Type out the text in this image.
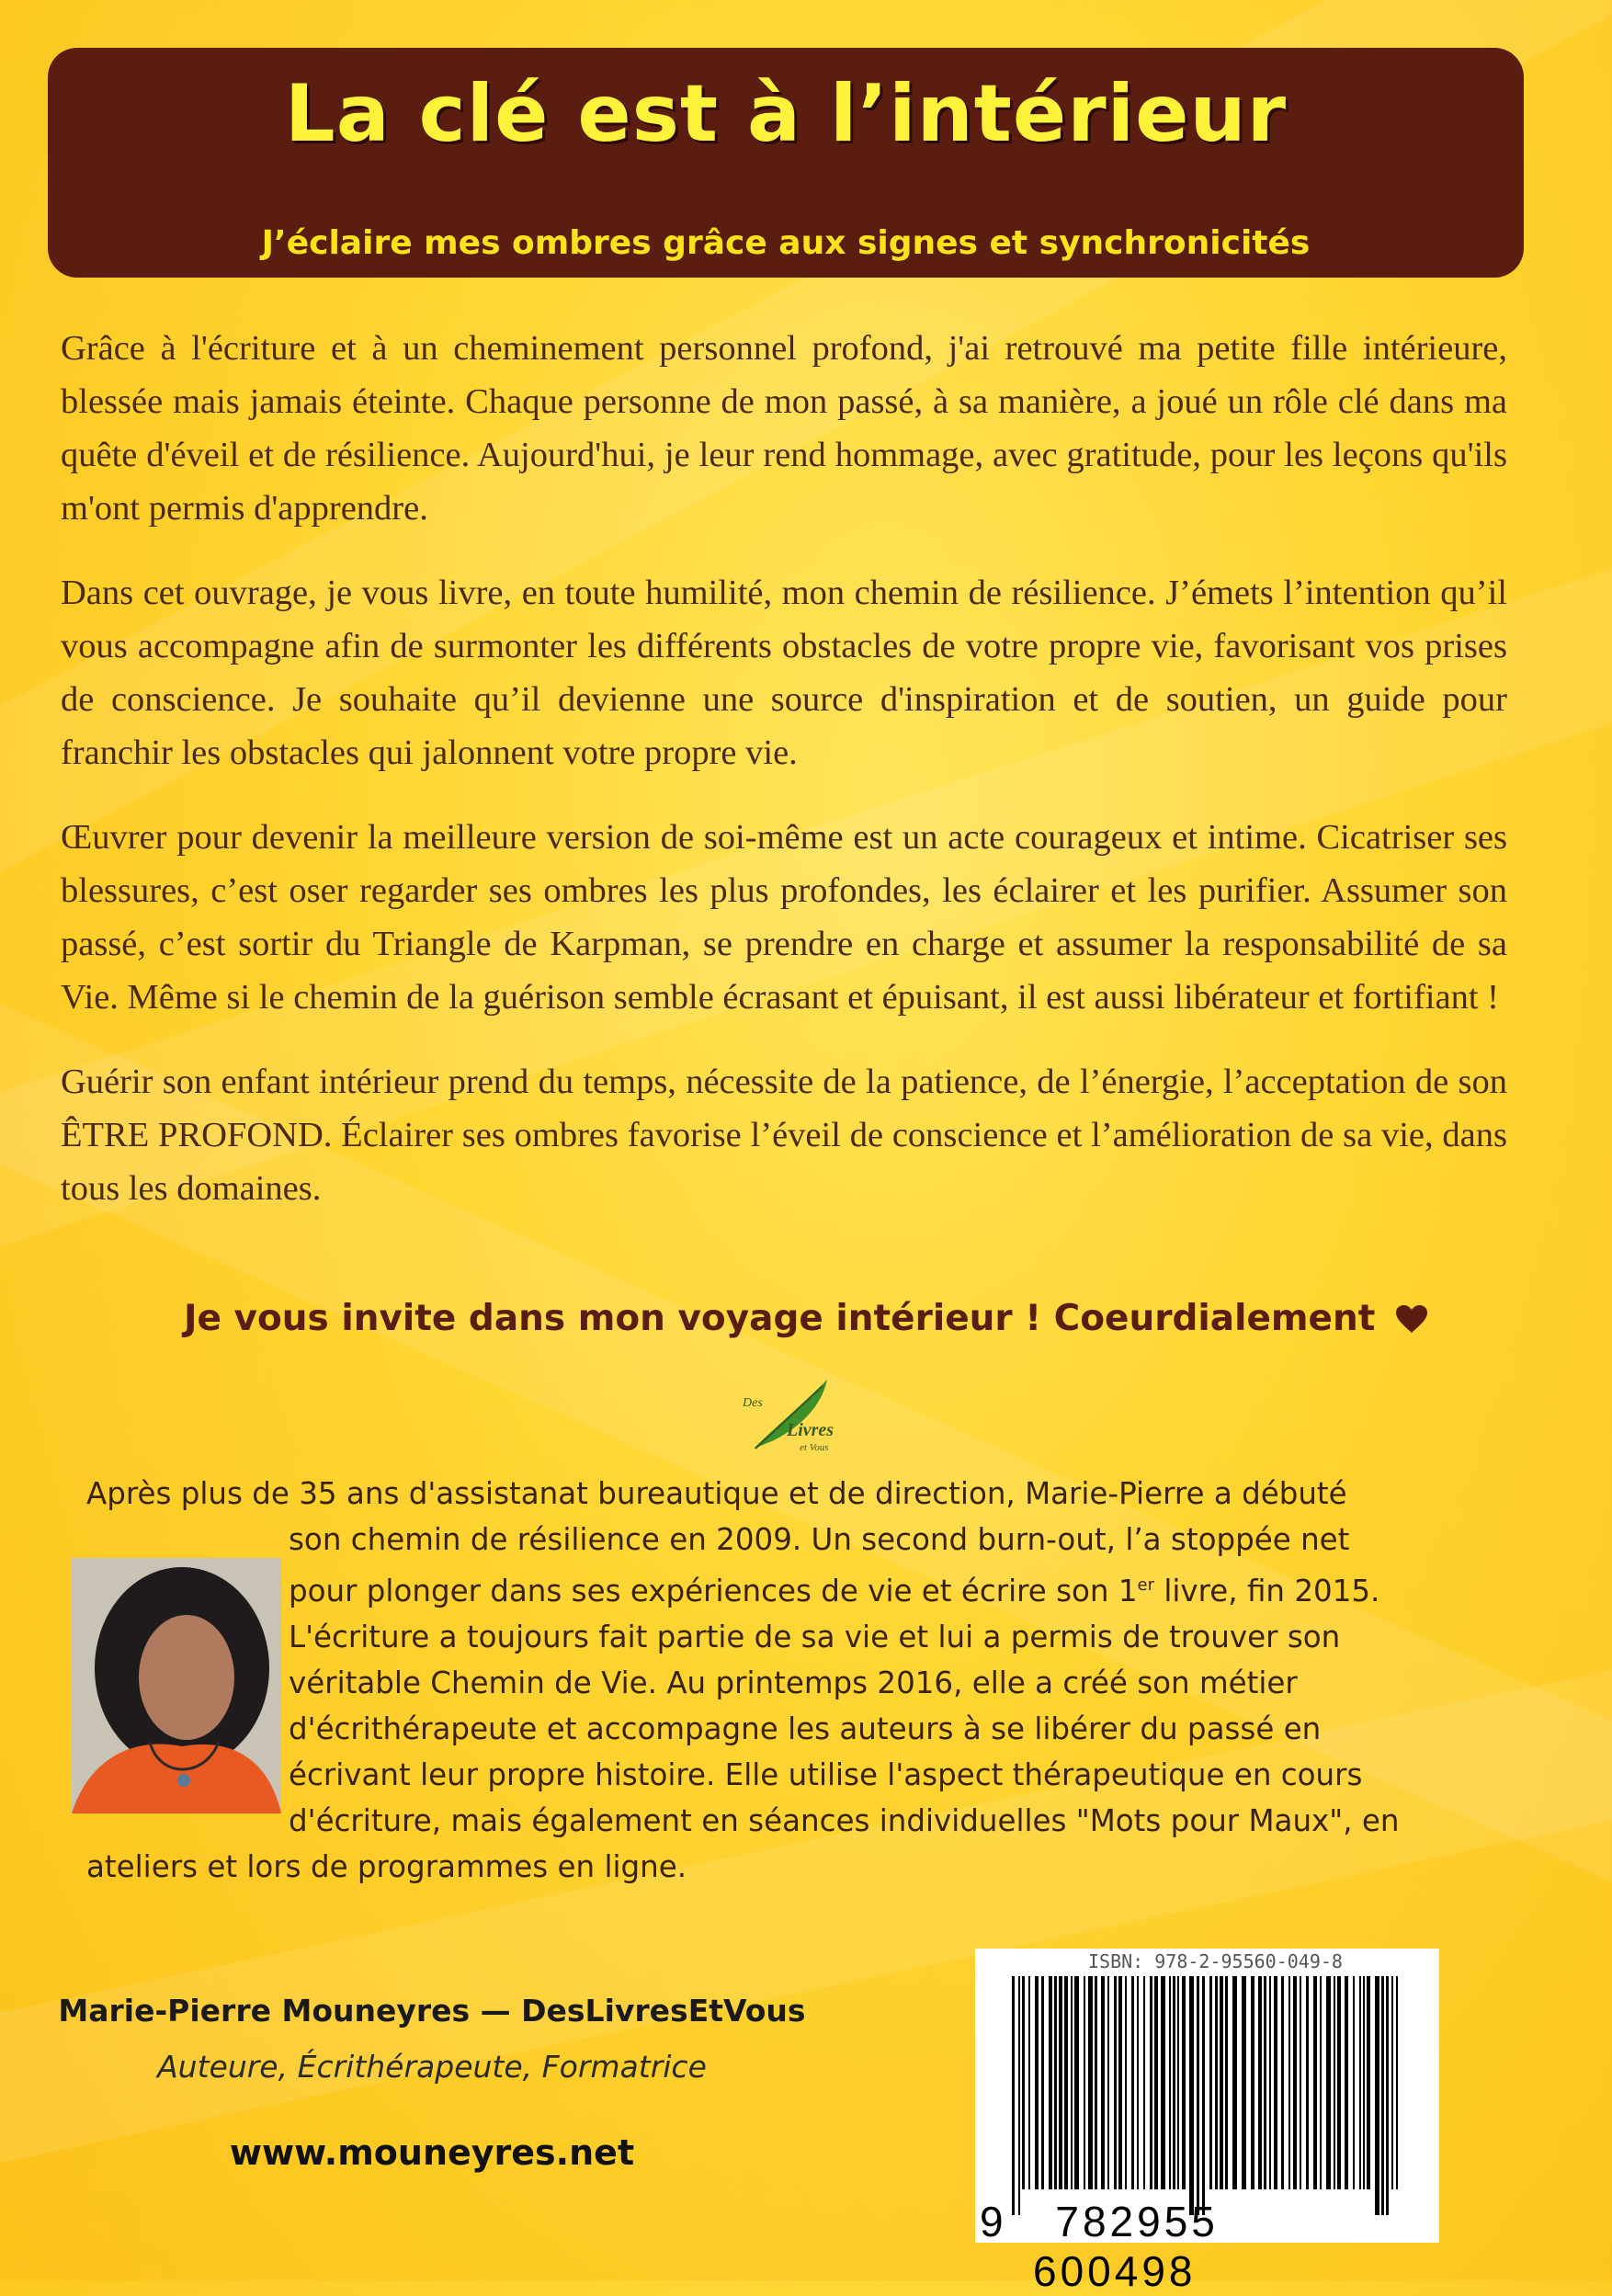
La clé est à l’intérieur
J’éclaire mes ombres grâce aux signes et synchronicités

Grâce à l'écriture et à un cheminement personnel profond, j'ai retrouvé ma petite fille intérieure, blessée mais jamais éteinte. Chaque personne de mon passé, à sa manière, a joué un rôle clé dans ma quête d'éveil et de résilience. Aujourd'hui, je leur rend hommage, avec gratitude, pour les leçons qu'ils m'ont permis d'apprendre.

Dans cet ouvrage, je vous livre, en toute humilité, mon chemin de résilience. J’émets l’intention qu’il vous accompagne afin de surmonter les différents obstacles de votre propre vie, favorisant vos prises de conscience. Je souhaite qu’il devienne une source d'inspiration et de soutien, un guide pour franchir les obstacles qui jalonnent votre propre vie.

Œuvrer pour devenir la meilleure version de soi-même est un acte courageux et intime. Cicatriser ses blessures, c’est oser regarder ses ombres les plus profondes, les éclairer et les purifier. Assumer son passé, c’est sortir du Triangle de Karpman, se prendre en charge et assumer la responsabilité de sa Vie. Même si le chemin de la guérison semble écrasant et épuisant, il est aussi libérateur et fortifiant !

Guérir son enfant intérieur prend du temps, nécessite de la patience, de l’énergie, l’acceptation de son ÊTRE PROFOND. Éclairer ses ombres favorise l’éveil de conscience et l’amélioration de sa vie, dans tous les domaines.

Je vous invite dans mon voyage intérieur ! Coeurdialement
Des
Livres
et Vous
Après plus de 35 ans d'assistanat bureautique et de direction, Marie-Pierre a débuté
son chemin de résilience en 2009. Un second burn-out, l’a stoppée net
pour plonger dans ses expériences de vie et écrire son 1er livre, fin 2015.
L'écriture a toujours fait partie de sa vie et lui a permis de trouver son
véritable Chemin de Vie. Au printemps 2016, elle a créé son métier
d'écrithérapeute et accompagne les auteurs à se libérer du passé en
écrivant leur propre histoire. Elle utilise l'aspect thérapeutique en cours
d'écriture, mais également en séances individuelles "Mots pour Maux", en
ateliers et lors de programmes en ligne.
Marie-Pierre Mouneyres — DesLivresEtVous
Auteure, Écrithérapeute, Formatrice
www.mouneyres.net
ISBN: 978-2-95560-049-8
9 782955 600498
